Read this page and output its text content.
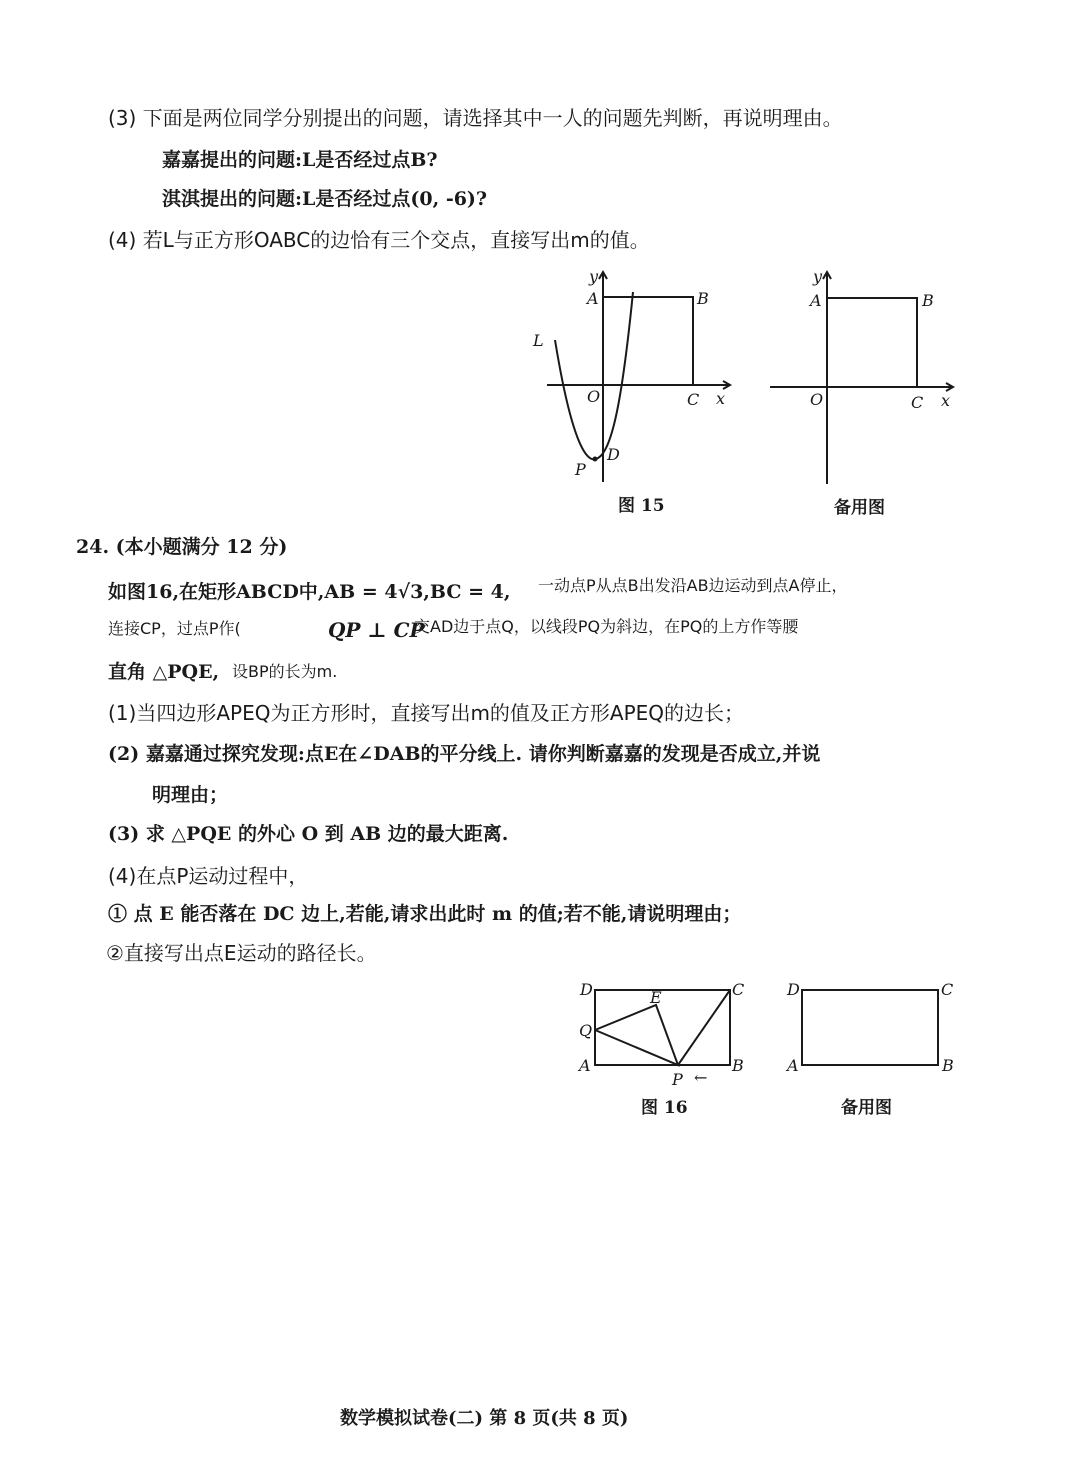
(3) 下面是两位同学分别提出的问题，请选择其中一人的问题先判断，再说明理由。
嘉嘉提出的问题:L是否经过点B?
淇淇提出的问题:L是否经过点(0, -6)?
(4) 若L与正方形OABC的边恰有三个交点，直接写出m的值。
y
A	B
L
O	C x
P
D
图 15
y
A	B
O	C x
备用图
24. (本小题满分 12 分)
如图16,在矩形ABCD中,AB = 4√3,BC = 4, 一动点P从点B出发沿AB边运动到点A停止，
连接CP，过点P作(	QP ⊥ CP
交AD边于点Q，以线段PQ为斜边，在PQ的上方作等腰
直角 △PQE, 设BP的长为m.
(1)当四边形APEQ为正方形时，直接写出m的值及正方形APEQ的边长；
(2) 嘉嘉通过探究发现:点E在∠DAB的平分线上. 请你判断嘉嘉的发现是否成立,并说
明理由；
(3) 求 △PQE 的外心 O 到 AB 边的最大距离.
(4)在点P运动过程中，
① 点 E 能否落在 DC 边上,若能,请求出此时 m 的值;若不能,请说明理由；
②直接写出点E运动的路径长。
D	E	C
Q
A	B
P ←
图 16
D	C
A	B
备用图
数学模拟试卷(二) 第 8 页(共 8 页)
